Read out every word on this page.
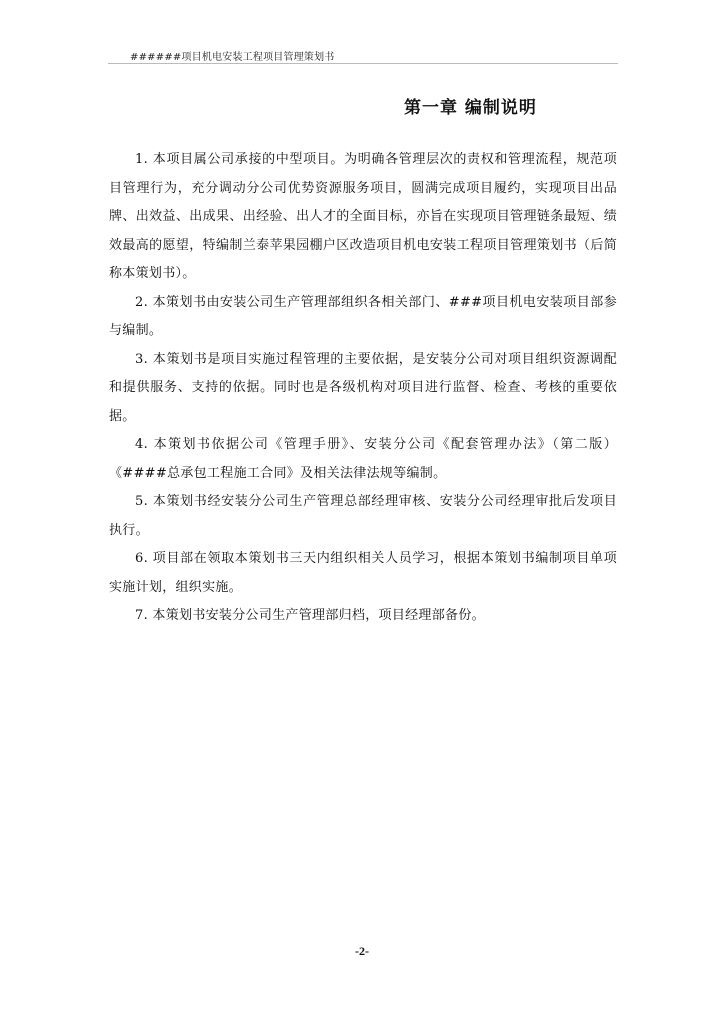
######项目机电安装工程项目管理策划书
第一章 编制说明

1. 本项目属公司承接的中型项目。为明确各管理层次的责权和管理流程，规范项目管理行为，充分调动分公司优势资源服务项目，圆满完成项目履约，实现项目出品牌、出效益、出成果、出经验、出人才的全面目标，亦旨在实现项目管理链条最短、绩效最高的愿望，特编制兰泰苹果园棚户区改造项目机电安装工程项目管理策划书（后简称本策划书）。

2. 本策划书由安装公司生产管理部组织各相关部门、###项目机电安装项目部参与编制。

3. 本策划书是项目实施过程管理的主要依据，是安装分公司对项目组织资源调配和提供服务、支持的依据。同时也是各级机构对项目进行监督、检查、考核的重要依据。

4. 本策划书依据公司《管理手册》、安装分公司《配套管理办法》（第二版）《####总承包工程施工合同》及相关法律法规等编制。

5. 本策划书经安装分公司生产管理总部经理审核、安装分公司经理审批后发项目执行。

6. 项目部在领取本策划书三天内组织相关人员学习，根据本策划书编制项目单项实施计划，组织实施。

7. 本策划书安装分公司生产管理部归档，项目经理部备份。

-2-
